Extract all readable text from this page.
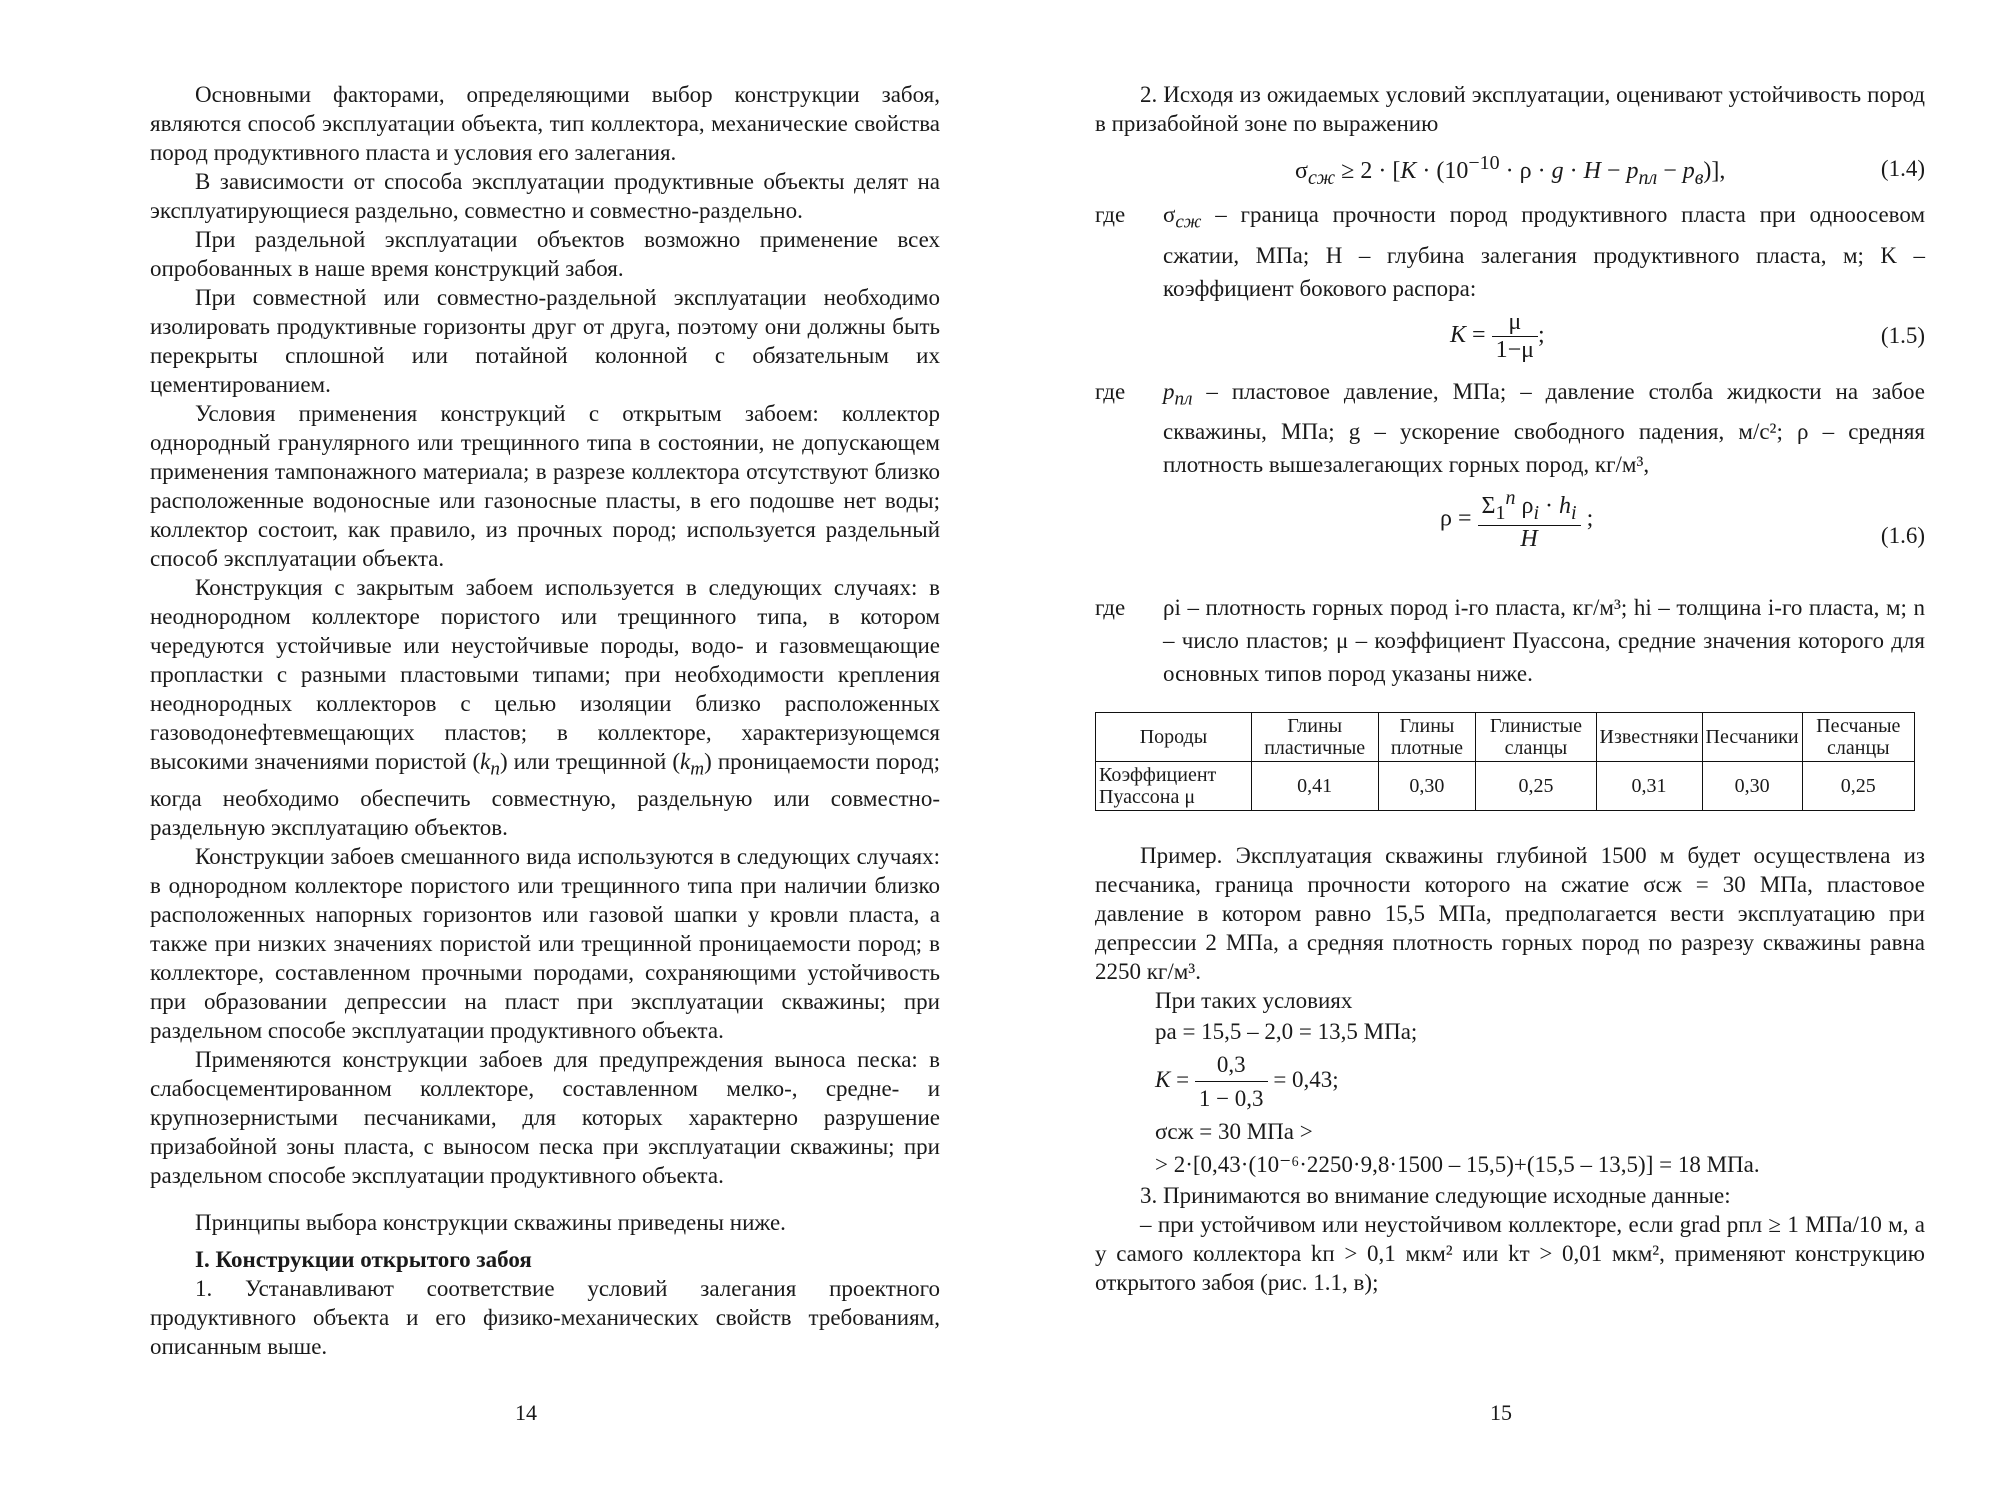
Основными факторами, определяющими выбор конструкции забоя, являются способ эксплуатации объекта, тип коллектора, механические свойства пород продуктивного пласта и условия его залегания.

В зависимости от способа эксплуатации продуктивные объекты делят на эксплуатирующиеся раздельно, совместно и совместно-раздельно.

При раздельной эксплуатации объектов возможно применение всех опробованных в наше время конструкций забоя.

При совместной или совместно-раздельной эксплуатации необходимо изолировать продуктивные горизонты друг от друга, поэтому они должны быть перекрыты сплошной или потайной колонной с обязательным их цементированием.

Условия применения конструкций с открытым забоем: коллектор однородный гранулярного или трещинного типа в состоянии, не допускающем применения тампонажного материала; в разрезе коллектора отсутствуют близко расположенные водоносные или газоносные пласты, в его подошве нет воды; коллектор состоит, как правило, из прочных пород; используется раздельный способ эксплуатации объекта.

Конструкция с закрытым забоем используется в следующих случаях: в неоднородном коллекторе пористого или трещинного типа, в котором чередуются устойчивые или неустойчивые породы, водо- и газовмещающие пропластки с разными пластовыми типами; при необходимости крепления неоднородных коллекторов с целью изоляции близко расположенных газоводонефтевмещающих пластов; в коллекторе, характеризующемся высокими значениями пористой $(k_п)$ или трещинной $(k_т)$ проницаемости пород; когда необходимо обеспечить совместную, раздельную или совместно-раздельную эксплуатацию объектов.

Конструкции забоев смешанного вида используются в следующих случаях: в однородном коллекторе пористого или трещинного типа при наличии близко расположенных напорных горизонтов или газовой шапки у кровли пласта, а также при низких значениях пористой или трещинной проницаемости пород; в коллекторе, составленном прочными породами, сохраняющими устойчивость при образовании депрессии на пласт при эксплуатации скважины; при раздельном способе эксплуатации продуктивного объекта.

Применяются конструкции забоев для предупреждения выноса песка: в слабосцементированном коллекторе, составленном мелко-, средне- и крупнозернистыми песчаниками, для которых характерно разрушение призабойной зоны пласта, с выносом песка при эксплуатации скважины; при раздельном способе эксплуатации продуктивного объекта.

Принципы выбора конструкции скважины приведены ниже.

I. Конструкции открытого забоя

1. Устанавливают соответствие условий залегания проектного продуктивного объекта и его физико-механических свойств требованиям, описанным выше.

14

2. Исходя из ожидаемых условий эксплуатации, оценивают устойчивость пород в призабойной зоне по выражению

$\sigma_{сж} \ge 2 \cdot [K \cdot (10^{-10} \cdot \rho \cdot g \cdot H - p_{пл} - p_в)]$,	(1.4)
где	$\sigma_{сж}$ – граница прочности пород продуктивного пласта при одноосевом сжатии, МПа; H – глубина залегания продуктивного пласта, м; K – коэффициент бокового распора:
$K = \frac{\mu}{1-\mu}$ ;	(1.5)
где	$p_{пл}$ – пластовое давление, МПа; – давление столба жидкости на забое скважины, МПа; g – ускорение свободного падения, м/с²; ρ – средняя плотность вышезалегающих горных пород, кг/м³,
$\rho = \frac{\Sigma_1^n \rho_i \cdot h_i}{H}$ ;
(1.6)
где	ρi – плотность горных пород i-го пласта, кг/м³; hi – толщина i-го пласта, м; n – число пластов; μ – коэффициент Пуассона, средние значения которого для основных типов пород указаны ниже.
Породы	Глины пластичные	Глины плотные	Глинистые сланцы	Известняки	Песчаники	Песчаные сланцы
Коэффициент Пуассона μ	0,41	0,30	0,25	0,31	0,30	0,25

Пример. Эксплуатация скважины глубиной 1500 м будет осуществлена из песчаника, граница прочности которого на сжатие σсж = 30 МПа, пластовое давление в котором равно 15,5 МПа, предполагается вести эксплуатацию при депрессии 2 МПа, а средняя плотность горных пород по разрезу скважины равна 2250 кг/м³.

При таких условиях

pa = 15,5 – 2,0 = 13,5 МПа;
$K = \frac{0,3}{1 - 0,3} = 0,43$;
σсж = 30 МПа >
> 2·[0,43·(10⁻⁶·2250·9,8·1500 – 15,5)+(15,5 – 13,5)] = 18 МПа.

3. Принимаются во внимание следующие исходные данные:

– при устойчивом или неустойчивом коллекторе, если grad pпл ≥ 1 МПа/10 м, а у самого коллектора kп > 0,1 мкм² или kт > 0,01 мкм², применяют конструкцию открытого забоя (рис. 1.1, в);

15
